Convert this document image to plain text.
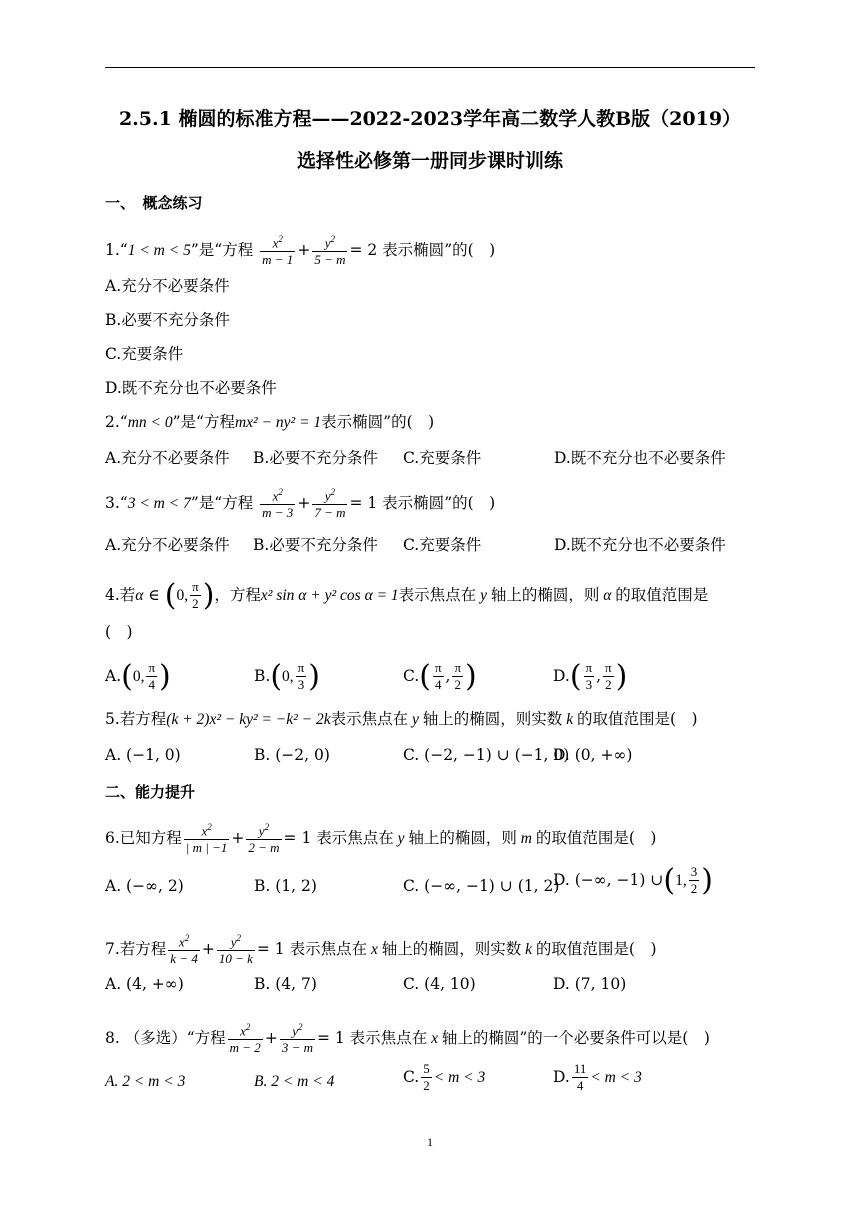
2.5.1 椭圆的标准方程——2022-2023学年高二数学人教B版（2019）
选择性必修第一册同步课时训练
一、　概念练习
1.“1 < m < 5”是“方程 $\frac{x^2}{m - 1} + \frac{y^2}{5 - m} = 2$ 表示椭圆”的(　)
A.充分不必要条件
B.必要不充分条件
C.充要条件
D.既不充分也不必要条件
2.“mn < 0”是“方程mx² − ny² = 1表示椭圆”的(　)
A.充分不必要条件 B.必要不充分条件 C.充要条件	D.既不充分也不必要条件
3.“3 < m < 7”是“方程 $\frac{x^2}{m - 3} + \frac{y^2}{7 - m} = 1$ 表示椭圆”的(　)
A.充分不必要条件 B.必要不充分条件 C.充要条件	D.既不充分也不必要条件
4.若α ∈ (0, $\frac{\pi}{2}$ )，方程x² sin α + y² cos α = 1表示焦点在 y 轴上的椭圆，则 α 的取值范围是
(　)
A.(0, $\frac{\pi}{4}$ )	B.(0, $\frac{\pi}{3}$ )	$C.( \frac{\pi}{4}$ , $\frac{\pi}{2}$ )	$D.( \frac{\pi}{3}$ , $\frac{\pi}{2}$ )
5.若方程(k + 2)x² − ky² = −k² − 2k表示焦点在 y 轴上的椭圆，则实数 k 的取值范围是(　)
A. (−1, 0)	B. (−2, 0)	C. (−2, −1) ∪ (−1, 0)
D. (0, +∞)
二、能力提升
6.已知方程 $\frac{x^2}{| m | -1} + \frac{y^2}{2 - m} = 1$ 表示焦点在 y 轴上的椭圆，则 m 的取值范围是(　)
A. (−∞, 2)	B. (1, 2)	C. (−∞, −1) ∪ (1, 2)
D. (−∞, −1) ∪(1, $\frac{3}{2}$ )
7.若方程 $\frac{x^2}{k - 4} + \frac{y^2}{10 - k} = 1$ 表示焦点在 x 轴上的椭圆，则实数 k 的取值范围是(　)
A. (4, +∞)	B. (4, 7)	C. (4, 10)	D. (7, 10)
8. （多选）“方程 $\frac{x^2}{m - 2} + \frac{y^2}{3 - m} = 1$ 表示焦点在 x 轴上的椭圆”的一个必要条件可以是(　)
A. 2 < m < 3	B. 2 < m < 4	C. $\frac{5}{2} < m < 3$	D. $\frac{11}{4} < m < 3$
1
